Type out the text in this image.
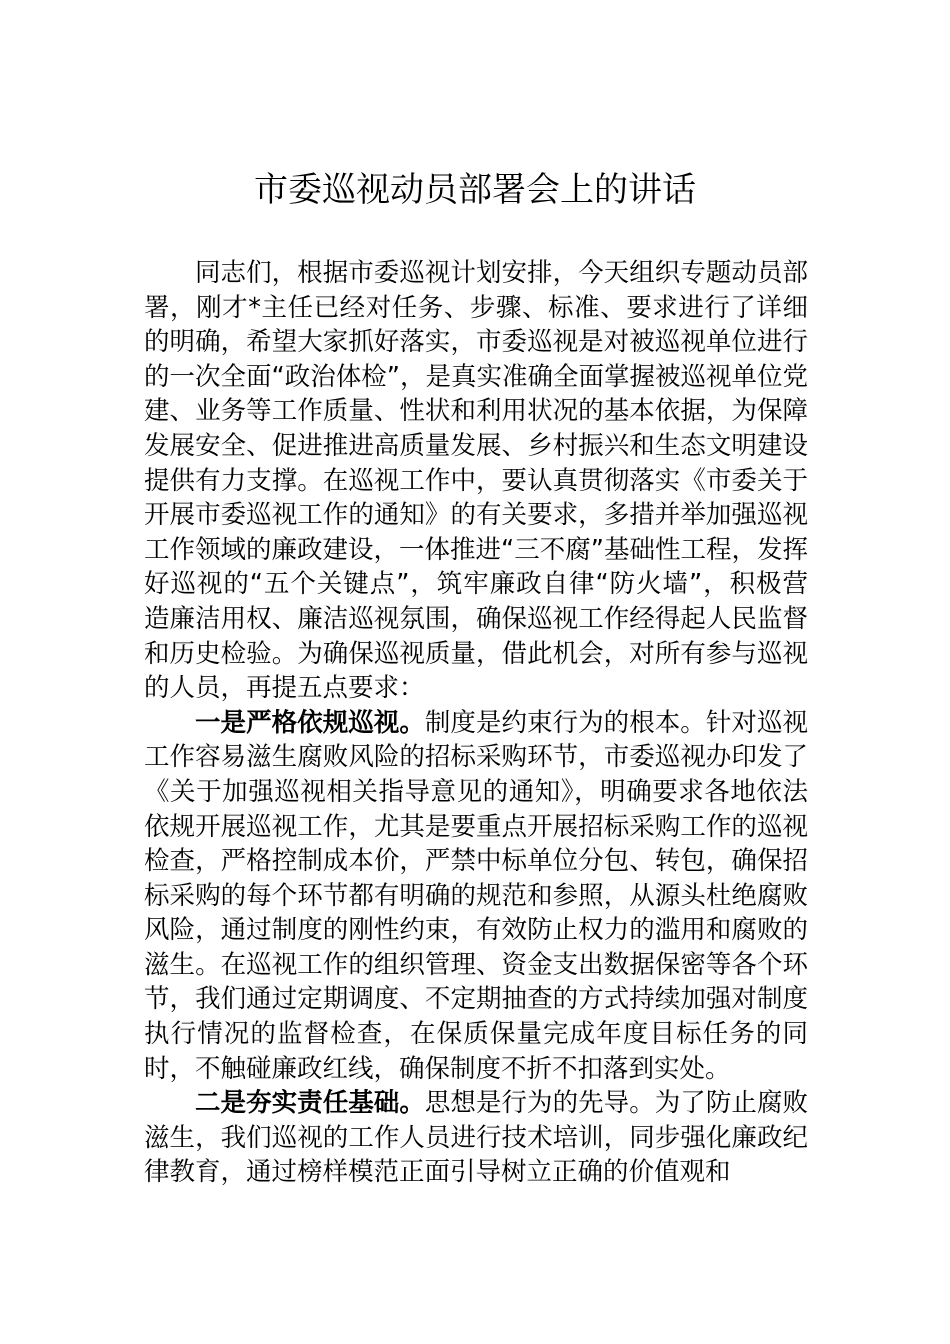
市委巡视动员部署会上的讲话

同志们，根据市委巡视计划安排，今天组织专题动员部署，刚才*主任已经对任务、步骤、标准、要求进行了详细的明确，希望大家抓好落实，市委巡视是对被巡视单位进行的一次全面“政治体检”，是真实准确全面掌握被巡视单位党建、业务等工作质量、性状和利用状况的基本依据，为保障发展安全、促进推进高质量发展、乡村振兴和生态文明建设提供有力支撑。在巡视工作中，要认真贯彻落实《市委关于开展市委巡视工作的通知》的有关要求，多措并举加强巡视工作领域的廉政建设，一体推进“三不腐”基础性工程，发挥好巡视的“五个关键点”，筑牢廉政自律“防火墙”，积极营造廉洁用权、廉洁巡视氛围，确保巡视工作经得起人民监督和历史检验。为确保巡视质量，借此机会，对所有参与巡视的人员，再提五点要求：

一是严格依规巡视。制度是约束行为的根本。针对巡视工作容易滋生腐败风险的招标采购环节，市委巡视办印发了《关于加强巡视相关指导意见的通知》，明确要求各地依法依规开展巡视工作，尤其是要重点开展招标采购工作的巡视检查，严格控制成本价，严禁中标单位分包、转包，确保招标采购的每个环节都有明确的规范和参照，从源头杜绝腐败风险，通过制度的刚性约束，有效防止权力的滥用和腐败的滋生。在巡视工作的组织管理、资金支出数据保密等各个环节，我们通过定期调度、不定期抽查的方式持续加强对制度执行情况的监督检查，在保质保量完成年度目标任务的同时，不触碰廉政红线，确保制度不折不扣落到实处。

二是夯实责任基础。思想是行为的先导。为了防止腐败滋生，我们巡视的工作人员进行技术培训，同步强化廉政纪律教育，通过榜样模范正面引导树立正确的价值观和
